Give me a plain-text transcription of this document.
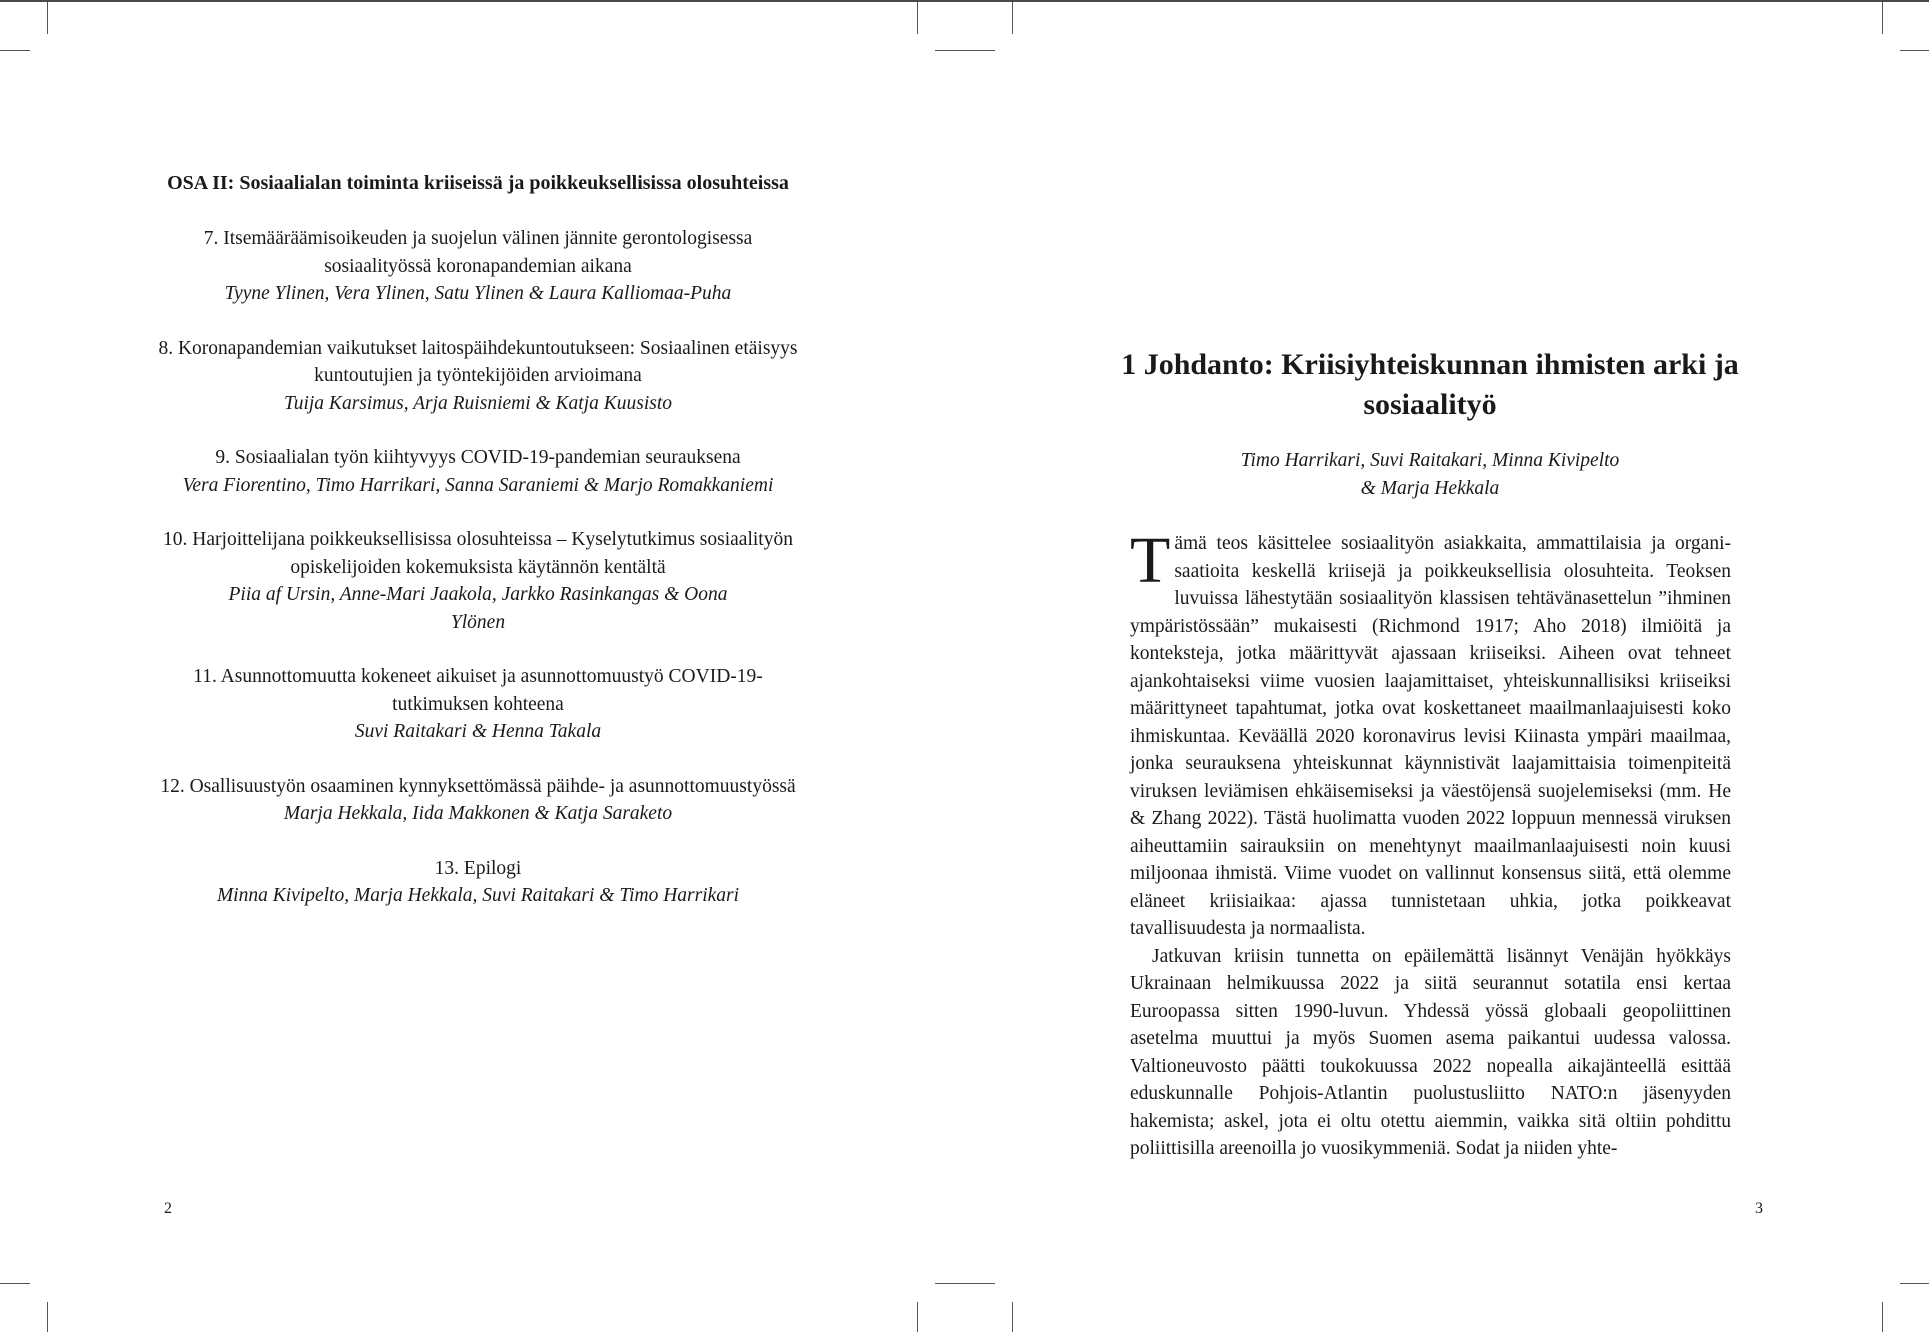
OSA II: Sosiaalialan toiminta kriiseissä ja poikkeuksellisissa olosuhteissa
7. Itsemääräämisoikeuden ja suojelun välinen jännite gerontologisessa sosiaalityössä koronapandemian aikana
Tyyne Ylinen, Vera Ylinen, Satu Ylinen & Laura Kalliomaa-Puha
8. Koronapandemian vaikutukset laitospäihdekuntoutukseen: Sosiaalinen etäisyys kuntoutujien ja työntekijöiden arvioimana
Tuija Karsimus, Arja Ruisniemi & Katja Kuusisto
9. Sosiaalialan työn kiihtyvyys COVID-19-pandemian seurauksena
Vera Fiorentino, Timo Harrikari, Sanna Saraniemi & Marjo Romakkaniemi
10. Harjoittelijana poikkeuksellisissa olosuhteissa – Kyselytutkimus sosiaalityön opiskelijoiden kokemuksista käytännön kentältä
Piia af Ursin, Anne-Mari Jaakola, Jarkko Rasinkangas & Oona Ylönen
11. Asunnottomuutta kokeneet aikuiset ja asunnottomuustyö COVID-19-tutkimuksen kohteena
Suvi Raitakari & Henna Takala
12. Osallisuustyön osaaminen kynnyksettömässä päihde- ja asunnottomuustyössä
Marja Hekkala, Iida Makkonen & Katja Saraketo
13. Epilogi
Minna Kivipelto, Marja Hekkala, Suvi Raitakari & Timo Harrikari
2
1 Johdanto: Kriisiyhteiskunnan ihmisten arki ja sosiaalityö
Timo Harrikari, Suvi Raitakari, Minna Kivipelto & Marja Hekkala

Tämä teos käsittelee sosiaalityön asiakkaita, ammattilaisia ja organisaatioita keskellä kriisejä ja poikkeuksellisia olosuhteita. Teoksen luvuissa lähestytään sosiaalityön klassisen tehtävänasettelun ”ihminen ympäristössään” mukaisesti (Richmond 1917; Aho 2018) ilmiöitä ja konteksteja, jotka määrittyvät ajassaan kriiseiksi. Aiheen ovat tehneet ajankohtaiseksi viime vuosien laajamittaiset, yhteiskunnallisiksi kriiseiksi määrittyneet tapahtumat, jotka ovat koskettaneet maailmanlaajuisesti koko ihmiskuntaa. Keväällä 2020 koronavirus levisi Kiinasta ympäri maailmaa, jonka seurauksena yhteiskunnat käynnistivät laajamittaisia toimenpiteitä viruksen leviämisen ehkäisemiseksi ja väestöjensä suojelemiseksi (mm. He & Zhang 2022). Tästä huolimatta vuoden 2022 loppuun mennessä viruksen aiheuttamiin sairauksiin on menehtynyt maailmanlaajuisesti noin kuusi miljoonaa ihmistä. Viime vuodet on vallinnut konsensus siitä, että olemme eläneet kriisiaikaa: ajassa tunnistetaan uhkia, jotka poikkeavat tavallisuudesta ja normaalista.

Jatkuvan kriisin tunnetta on epäilemättä lisännyt Venäjän hyökkäys Ukrainaan helmikuussa 2022 ja siitä seurannut sotatila ensi kertaa Euroopassa sitten 1990-luvun. Yhdessä yössä globaali geopoliittinen asetelma muuttui ja myös Suomen asema paikantui uudessa valossa. Valtioneuvosto päätti toukokuussa 2022 nopealla aikajänteellä esittää eduskunnalle Pohjois-Atlantin puolustusliitto NATO:n jäsenyyden hakemista; askel, jota ei oltu otettu aiemmin, vaikka sitä oltiin pohdittu poliittisilla areenoilla jo vuosikymmeniä. Sodat ja niiden yhte-

3
